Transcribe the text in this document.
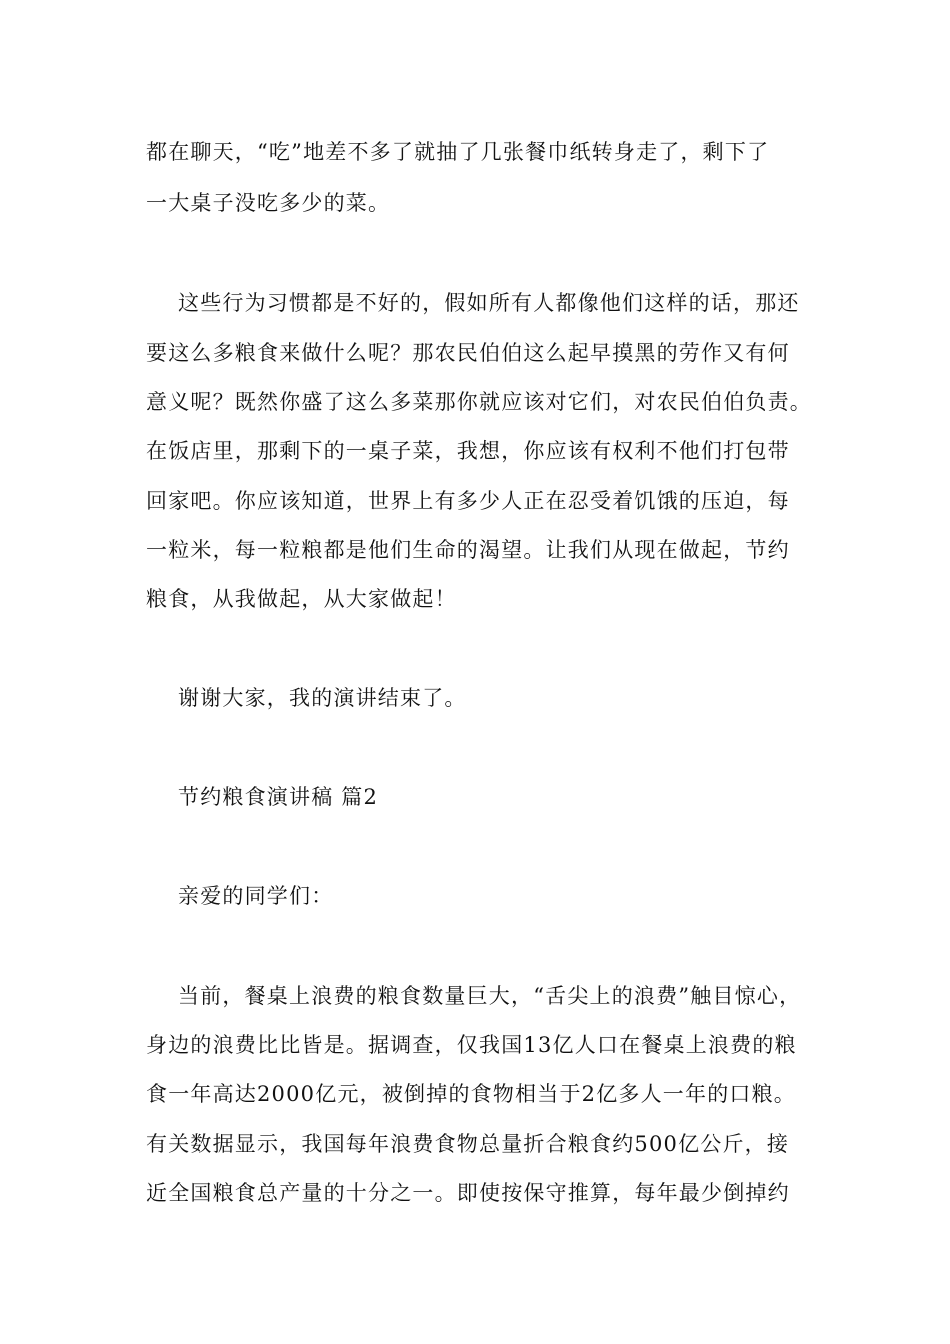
都在聊天，“吃”地差不多了就抽了几张餐巾纸转身走了，剩下了
一大桌子没吃多少的菜。
这些行为习惯都是不好的，假如所有人都像他们这样的话，那还
要这么多粮食来做什么呢？那农民伯伯这么起早摸黑的劳作又有何
意义呢？既然你盛了这么多菜那你就应该对它们，对农民伯伯负责。
在饭店里，那剩下的一桌子菜，我想，你应该有权利不他们打包带
回家吧。你应该知道，世界上有多少人正在忍受着饥饿的压迫，每
一粒米，每一粒粮都是他们生命的渴望。让我们从现在做起，节约
粮食，从我做起，从大家做起！
谢谢大家，我的演讲结束了。
节约粮食演讲稿 篇2
亲爱的同学们：
当前，餐桌上浪费的粮食数量巨大，“舌尖上的浪费”触目惊心，
身边的浪费比比皆是。据调查，仅我国13亿人口在餐桌上浪费的粮
食一年高达2000亿元，被倒掉的食物相当于2亿多人一年的口粮。
有关数据显示，我国每年浪费食物总量折合粮食约500亿公斤，接
近全国粮食总产量的十分之一。即使按保守推算，每年最少倒掉约
